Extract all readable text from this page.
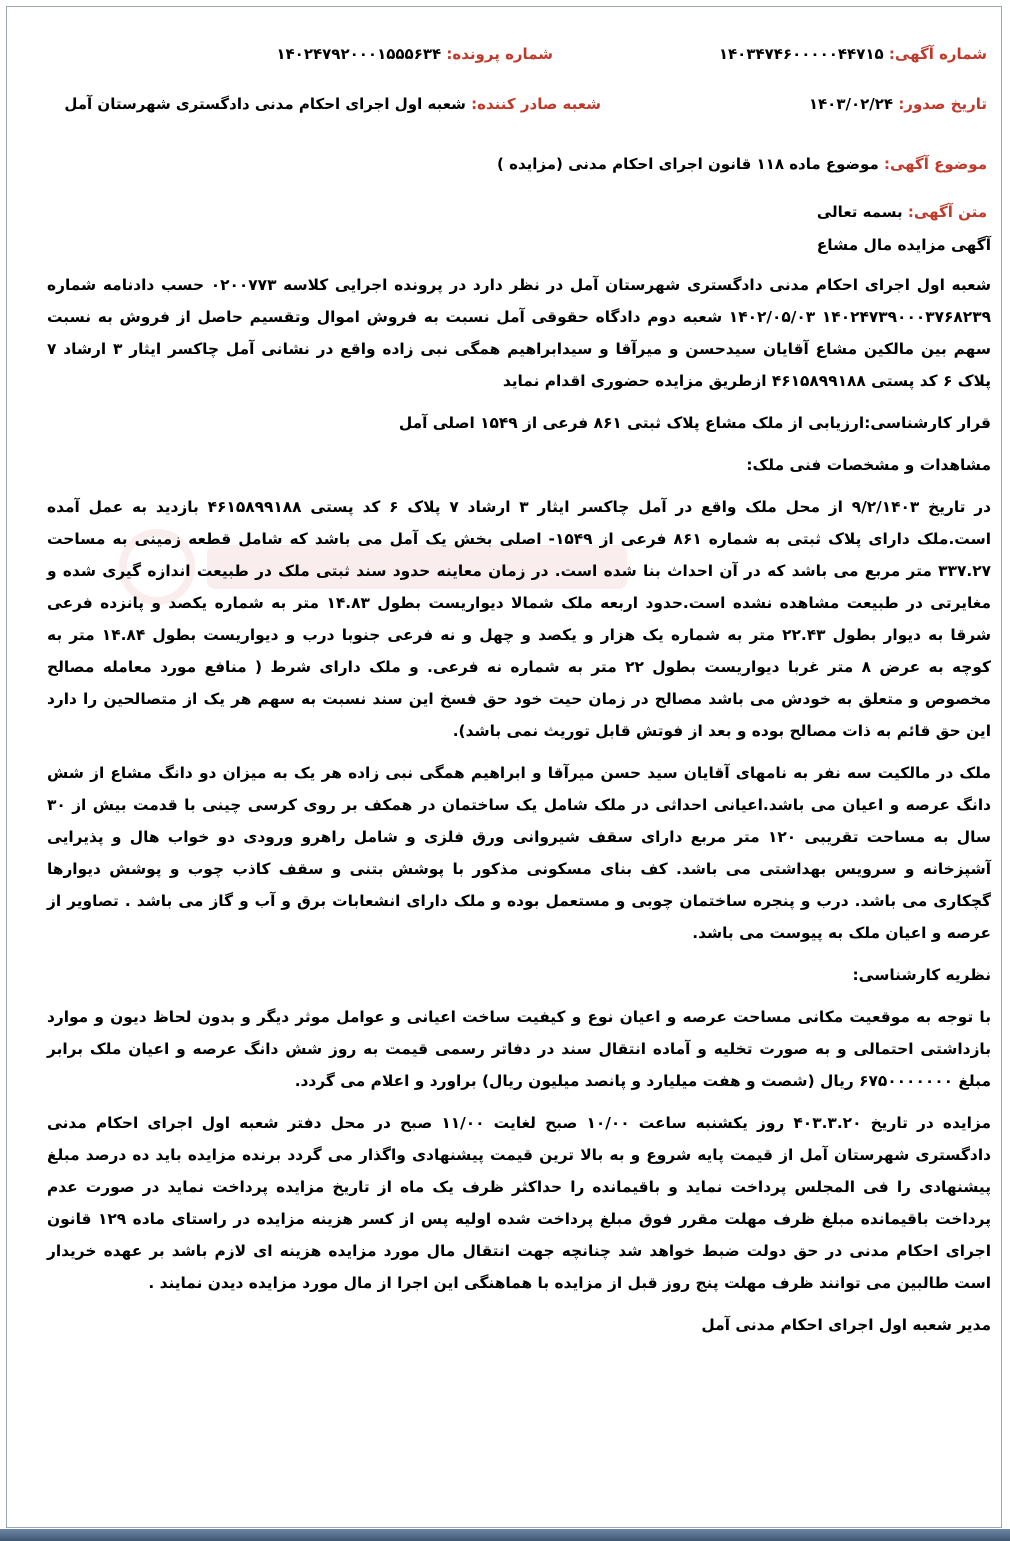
شماره آگهی: ۱۴۰۳۴۷۴۶۰۰۰۰۰۴۴۷۱۵
شماره پرونده: ۱۴۰۲۴۷۹۲۰۰۰۱۵۵۵۶۳۴
تاریخ صدور: ۱۴۰۳/۰۲/۲۴
شعبه صادر کننده: شعبه اول اجرای احکام مدنی دادگستری شهرستان آمل
موضوع آگهی: موضوع ماده ۱۱۸ قانون اجرای احکام مدنی (مزایده )
متن آگهی: بسمه تعالی

آگهی مزایده مال مشاع

شعبه اول اجرای احکام مدنی دادگستری شهرستان آمل در نظر دارد در پرونده اجرایی کلاسه ۰۲۰۰۷۷۳ حسب دادنامه شماره ۱۴۰۲۴۷۳۹۰۰۰۳۷۶۸۲۳۹ ۱۴۰۲/۰۵/۰۳ شعبه دوم دادگاه حقوقی آمل نسبت به فروش اموال وتقسیم حاصل از فروش به نسبت سهم بین مالکین مشاع آقایان سیدحسن و میرآقا و سیدابراهیم همگی نبی زاده واقع در نشانی آمل چاکسر ایثار ۳ ارشاد ۷ پلاک ۶ کد پستی ۴۶۱۵۸۹۹۱۸۸ ازطریق مزایده حضوری اقدام نماید

قرار کارشناسی:ارزیابی از ملک مشاع پلاک ثبتی ۸۶۱ فرعی از ۱۵۴۹ اصلی آمل

مشاهدات و مشخصات فنی ملک:

در تاریخ ۹/۲/۱۴۰۳ از محل ملک واقع در آمل چاکسر ایثار ۳ ارشاد ۷ پلاک ۶ کد پستی ۴۶۱۵۸۹۹۱۸۸ بازدید به عمل آمده است.ملک دارای پلاک ثبتی به شماره ۸۶۱ فرعی از ۱۵۴۹- اصلی بخش یک آمل می باشد که شامل قطعه زمینی به مساحت ۳۳۷.۲۷ متر مربع می باشد که در آن احداث بنا شده است. در زمان معاینه حدود سند ثبتی ملک در طبیعت اندازه گیری شده و مغایرتی در طبیعت مشاهده نشده است.حدود اربعه ملک شمالا دیواریست بطول ۱۴.۸۳ متر به شماره یکصد و پانزده فرعی شرقا به دیوار بطول ۲۲.۴۳ متر به شماره یک هزار و یکصد و چهل و نه فرعی جنوبا درب و دیواریست بطول ۱۴.۸۴ متر به کوچه به عرض ۸ متر غربا دیواریست بطول ۲۲ متر به شماره نه فرعی. و ملک دارای شرط ( منافع مورد معامله مصالح مخصوص و متعلق به خودش می باشد مصالح در زمان حیت خود حق فسخ این سند نسبت به سهم هر یک از متصالحین را دارد این حق قائم به ذات مصالح بوده و بعد از فوتش قابل توریث نمی باشد).

ملک در مالکیت سه نفر به نامهای آقایان سید حسن میرآقا و ابراهیم همگی نبی زاده هر یک به میزان دو دانگ مشاع از شش دانگ عرصه و اعیان می باشد.اعیانی احداثی در ملک شامل یک ساختمان در همکف بر روی کرسی چینی با قدمت بیش از ۳۰ سال به مساحت تقریبی ۱۲۰ متر مربع دارای سقف شیروانی ورق فلزی و شامل راهرو ورودی دو خواب هال و پذیرایی آشپزخانه و سرویس بهداشتی می باشد. کف بنای مسکونی مذکور با پوشش بتنی و سقف کاذب چوب و پوشش دیوارها گچکاری می باشد. درب و پنجره ساختمان چوبی و مستعمل بوده و ملک دارای انشعابات برق و آب و گاز می باشد . تصاویر از عرصه و اعیان ملک به پیوست می باشد.

نظریه کارشناسی:

با توجه به موقعیت مکانی مساحت عرصه و اعیان نوع و کیفیت ساخت اعیانی و عوامل موثر دیگر و بدون لحاظ دیون و موارد بازداشتی احتمالی و به صورت تخلیه و آماده انتقال سند در دفاتر رسمی قیمت به روز شش دانگ عرصه و اعیان ملک برابر مبلغ ۶۷۵۰۰۰۰۰۰۰ ریال (شصت و هفت میلیارد و پانصد میلیون ریال) براورد و اعلام می گردد.

مزایده در تاریخ ۴۰۳.۳.۲۰ روز یکشنبه ساعت ۱۰/۰۰ صبح لغایت ۱۱/۰۰ صبح در محل دفتر شعبه اول اجرای احکام مدنی دادگستری شهرستان آمل از قیمت پایه شروع و به بالا ترین قیمت پیشنهادی واگذار می گردد برنده مزایده باید ده درصد مبلغ پیشنهادی را فی المجلس پرداخت نماید و باقیمانده را حداکثر ظرف یک ماه از تاریخ مزایده پرداخت نماید در صورت عدم پرداخت باقیمانده مبلغ ظرف مهلت مقرر فوق مبلغ پرداخت شده اولیه پس از کسر هزینه مزایده در راستای ماده ۱۲۹ قانون اجرای احکام مدنی در حق دولت ضبط خواهد شد چنانچه جهت انتقال مال مورد مزایده هزینه ای لازم باشد بر عهده خریدار است طالبین می توانند ظرف مهلت پنج روز قبل از مزایده با هماهنگی این اجرا از مال مورد مزایده دیدن نمایند .

مدیر شعبه اول اجرای احکام مدنی آمل
